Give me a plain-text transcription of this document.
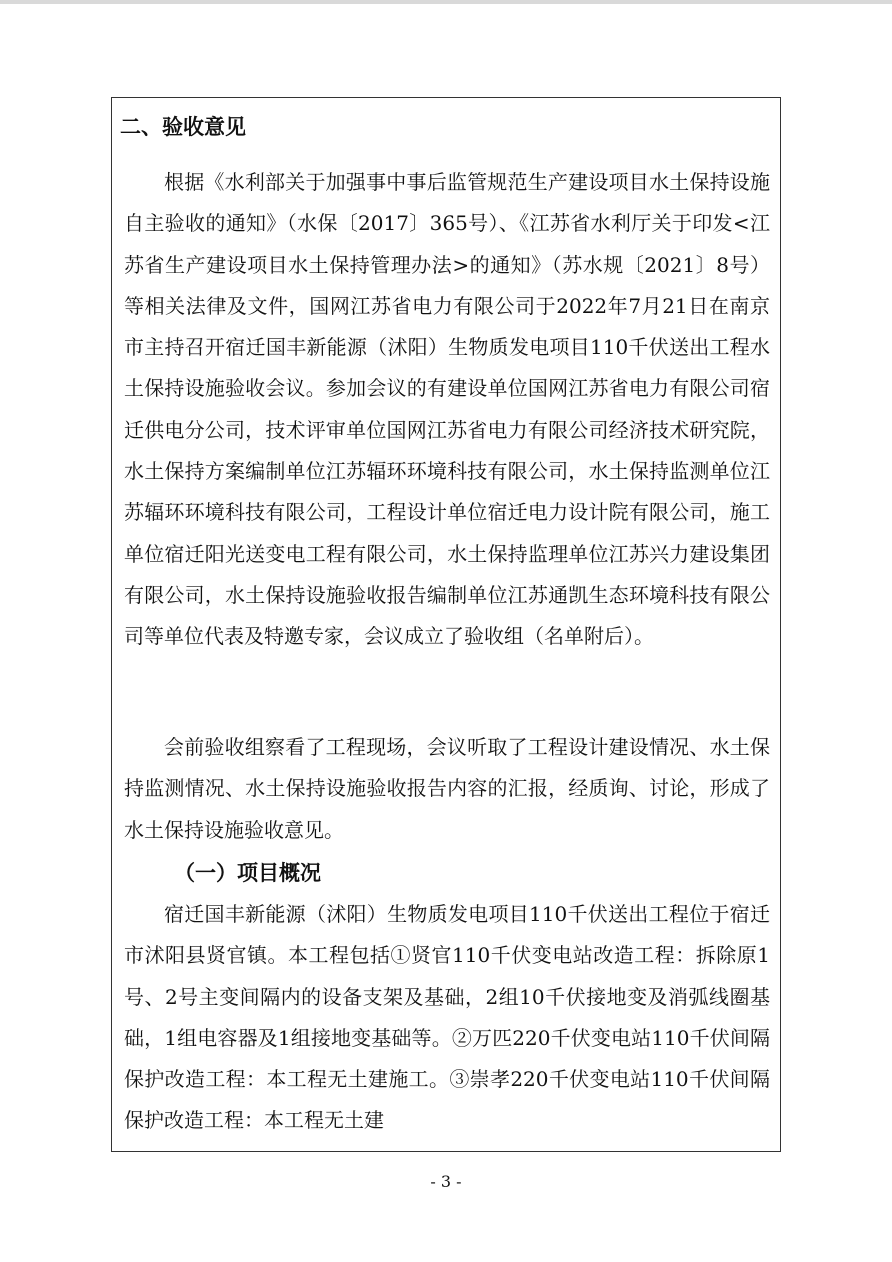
二、验收意见

根据《水利部关于加强事中事后监管规范生产建设项目水土保持设施自主验收的通知》（水保〔2017〕365号）、《江苏省水利厅关于印发<江苏省生产建设项目水土保持管理办法>的通知》（苏水规〔2021〕8号）等相关法律及文件，国网江苏省电力有限公司于2022年7月21日在南京市主持召开宿迁国丰新能源（沭阳）生物质发电项目110千伏送出工程水土保持设施验收会议。参加会议的有建设单位国网江苏省电力有限公司宿迁供电分公司，技术评审单位国网江苏省电力有限公司经济技术研究院，水土保持方案编制单位江苏辐环环境科技有限公司，水土保持监测单位江苏辐环环境科技有限公司，工程设计单位宿迁电力设计院有限公司，施工单位宿迁阳光送变电工程有限公司，水土保持监理单位江苏兴力建设集团有限公司，水土保持设施验收报告编制单位江苏通凯生态环境科技有限公司等单位代表及特邀专家，会议成立了验收组（名单附后）。

会前验收组察看了工程现场，会议听取了工程设计建设情况、水土保持监测情况、水土保持设施验收报告内容的汇报，经质询、讨论，形成了水土保持设施验收意见。

（一）项目概况

宿迁国丰新能源（沭阳）生物质发电项目110千伏送出工程位于宿迁市沭阳县贤官镇。本工程包括①贤官110千伏变电站改造工程：拆除原1号、2号主变间隔内的设备支架及基础，2组10千伏接地变及消弧线圈基础，1组电容器及1组接地变基础等。②万匹220千伏变电站110千伏间隔保护改造工程：本工程无土建施工。③崇孝220千伏变电站110千伏间隔保护改造工程：本工程无土建

- 3 -
